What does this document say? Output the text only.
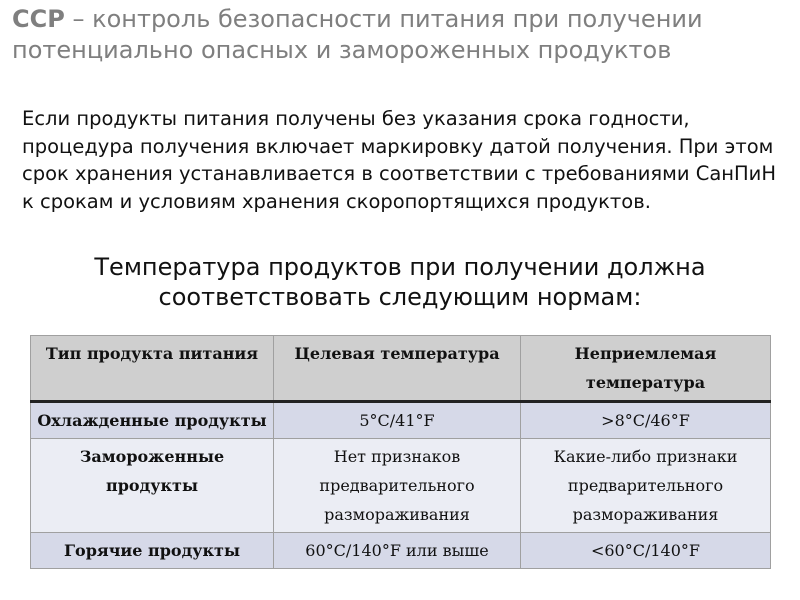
ССР – контроль безопасности питания при получении потенциально опасных и замороженных продуктов

Если продукты питания получены без указания срока годности, процедура получения включает маркировку датой получения. При этом срок хранения устанавливается в соответствии с требованиями СанПиН к срокам и условиям хранения скоропортящихся продуктов.

Температура продуктов при получении должна соответствовать следующим нормам:
Тип продукта питания	Целевая температура	Неприемлемая температура
Охлажденные продукты	5°C/41°F	>8°C/46°F
Замороженные продукты	Нет признаков предварительного размораживания	Какие-либо признаки предварительного размораживания
Горячие продукты	60°C/140°F или выше	<60°C/140°F
